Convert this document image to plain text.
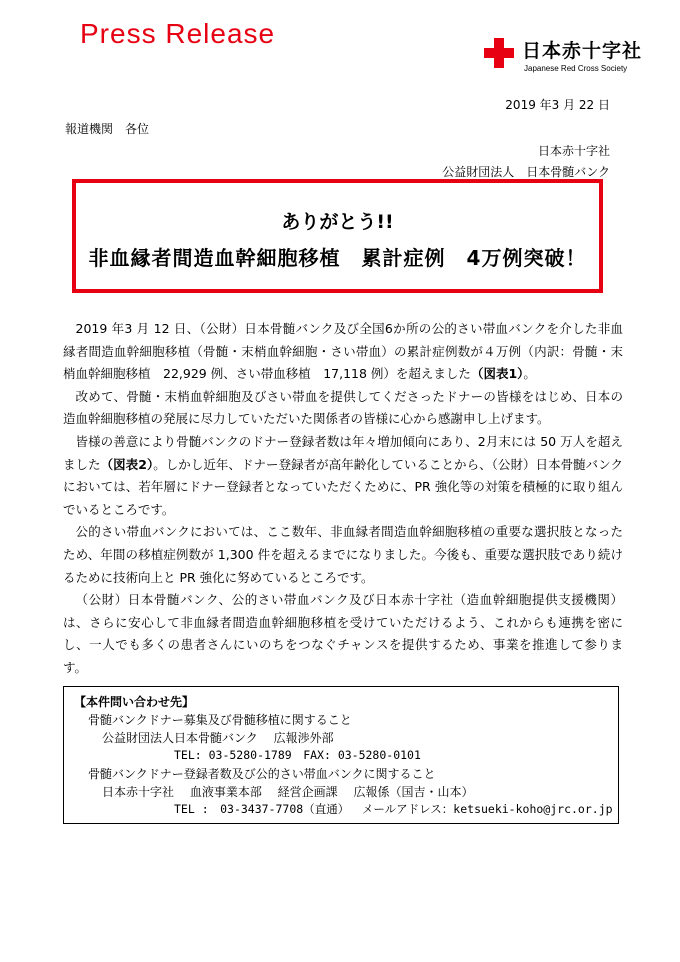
Press Release
日本赤十字社
Japanese Red Cross Society
2019 年3 月 22 日
報道機関　各位
日本赤十字社
公益財団法人　日本骨髄バンク
ありがとう!!
非血縁者間造血幹細胞移植　累計症例　4万例突破！

2019 年3 月 12 日、（公財）日本骨髄バンク及び全国6か所の公的さい帯血バンクを介した非血縁者間造血幹細胞移植（骨髄・末梢血幹細胞・さい帯血）の累計症例数が４万例（内訳：骨髄・末梢血幹細胞移植　22,929 例、さい帯血移植　17,118 例）を超えました（図表1）。

改めて、骨髄・末梢血幹細胞及びさい帯血を提供してくださったドナーの皆様をはじめ、日本の造血幹細胞移植の発展に尽力していただいた関係者の皆様に心から感謝申し上げます。

皆様の善意により骨髄バンクのドナー登録者数は年々増加傾向にあり、2月末には 50 万人を超えました（図表2）。しかし近年、ドナー登録者が高年齢化していることから、（公財）日本骨髄バンクにおいては、若年層にドナー登録者となっていただくために、PR 強化等の対策を積極的に取り組んでいるところです。

公的さい帯血バンクにおいては、ここ数年、非血縁者間造血幹細胞移植の重要な選択肢となったため、年間の移植症例数が 1,300 件を超えるまでになりました。今後も、重要な選択肢であり続けるために技術向上と PR 強化に努めているところです。

（公財）日本骨髄バンク、公的さい帯血バンク及び日本赤十字社（造血幹細胞提供支援機関）は、さらに安心して非血縁者間造血幹細胞移植を受けていただけるよう、これからも連携を密にし、一人でも多くの患者さんにいのちをつなぐチャンスを提供するため、事業を推進して参ります。

【本件問い合わせ先】
骨髄バンクドナー募集及び骨髄移植に関すること
公益財団法人日本骨髄バンク　 広報渉外部
TEL: 03-5280-1789　FAX: 03-5280-0101
骨髄バンクドナー登録者数及び公的さい帯血バンクに関すること
日本赤十字社　 血液事業本部　 経営企画課　 広報係（国吉・山本）
TEL :　03-3437-7708（直通）　 メールアドレス：ketsueki-koho@jrc.or.jp
